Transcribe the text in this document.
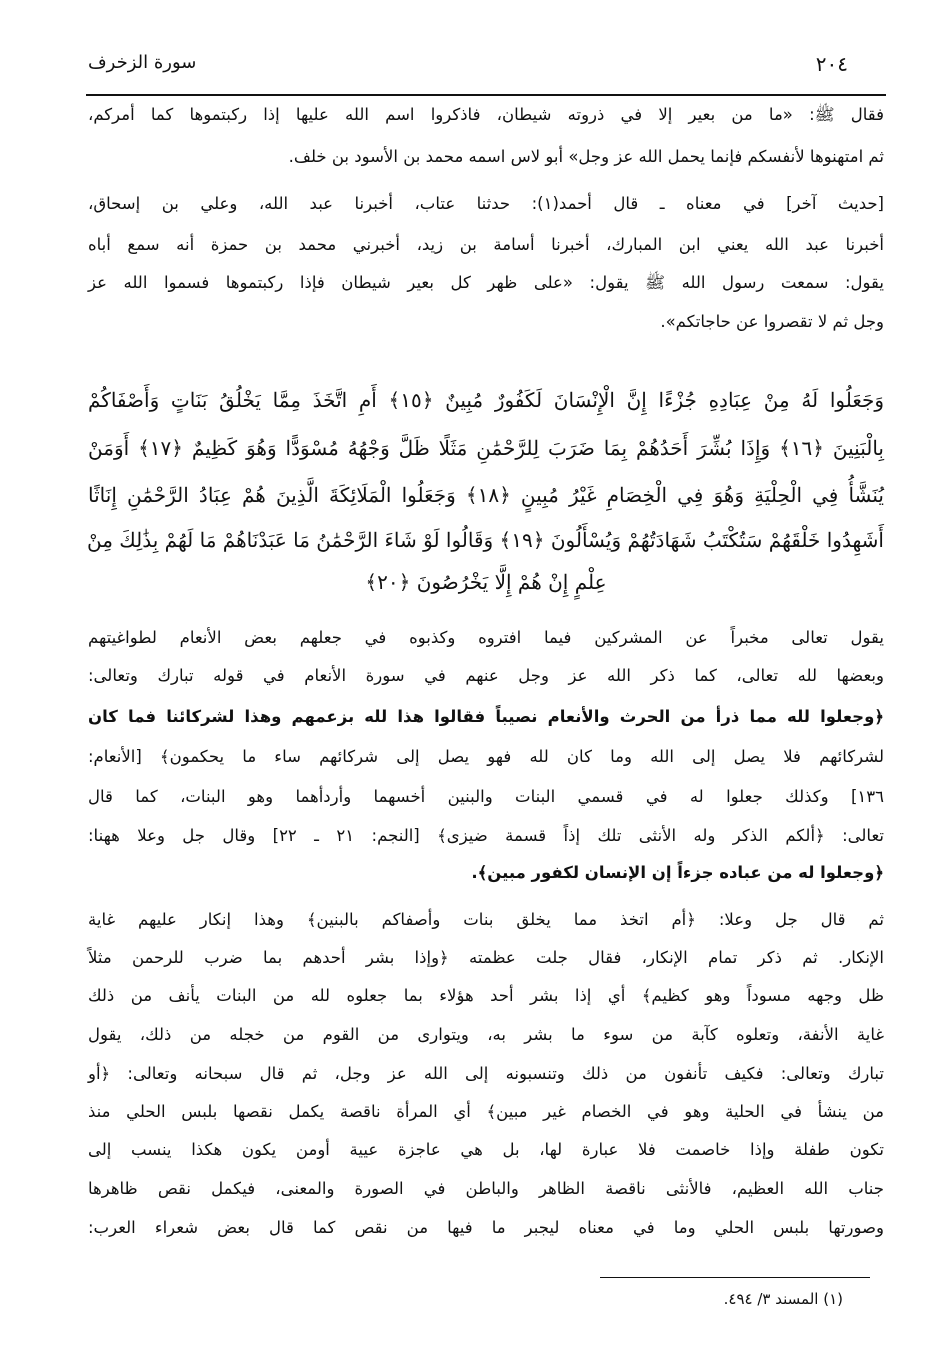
٢٠٤
سورة الزخرف
فقال ﷺ: «ما من بعير إلا في ذروته شيطان، فاذكروا اسم الله عليها إذا ركبتموها كما أمركم،
ثم امتهنوها لأنفسكم فإنما يحمل الله عز وجل» أبو لاس اسمه محمد بن الأسود بن خلف.
[حديث آخر] في معناه ـ قال أحمد(١): حدثنا عتاب، أخبرنا عبد الله، وعلي بن إسحاق،
أخبرنا عبد الله يعني ابن المبارك، أخبرنا أسامة بن زيد، أخبرني محمد بن حمزة أنه سمع أباه
يقول: سمعت رسول الله ﷺ يقول: «على ظهر كل بعير شيطان فإذا ركبتموها فسموا الله عز
وجل ثم لا تقصروا عن حاجاتكم».
وَجَعَلُوا لَهُ مِنْ عِبَادِهِ جُزْءًا إِنَّ الْإِنْسَانَ لَكَفُورٌ مُبِينٌ ﴿١٥﴾ أَمِ اتَّخَذَ مِمَّا يَخْلُقُ بَنَاتٍ وَأَصْفَاكُمْ
بِالْبَنِينَ ﴿١٦﴾ وَإِذَا بُشِّرَ أَحَدُهُمْ بِمَا ضَرَبَ لِلرَّحْمَٰنِ مَثَلًا ظَلَّ وَجْهُهُ مُسْوَدًّا وَهُوَ كَظِيمٌ ﴿١٧﴾ أَوَمَنْ
يُنَشَّأُ فِي الْحِلْيَةِ وَهُوَ فِي الْخِصَامِ غَيْرُ مُبِينٍ ﴿١٨﴾ وَجَعَلُوا الْمَلَائِكَةَ الَّذِينَ هُمْ عِبَادُ الرَّحْمَٰنِ إِنَاثًا
أَشَهِدُوا خَلْقَهُمْ سَتُكْتَبُ شَهَادَتُهُمْ وَيُسْأَلُونَ ﴿١٩﴾ وَقَالُوا لَوْ شَاءَ الرَّحْمَٰنُ مَا عَبَدْنَاهُمْ مَا لَهُمْ بِذَٰلِكَ مِنْ
عِلْمٍ إِنْ هُمْ إِلَّا يَخْرُصُونَ ﴿٢٠﴾
يقول تعالى مخبراً عن المشركين فيما افتروه وكذبوه في جعلهم بعض الأنعام لطواغيتهم
وبعضها لله تعالى، كما ذكر الله عز وجل عنهم في سورة الأنعام في قوله تبارك وتعالى:
﴿وجعلوا لله مما ذرأ من الحرث والأنعام نصيباً فقالوا هذا لله بزعمهم وهذا لشركائنا فما كان
لشركائهم فلا يصل إلى الله وما كان لله فهو يصل إلى شركائهم ساء ما يحكمون﴾ [الأنعام:
١٣٦] وكذلك جعلوا له في قسمي البنات والبنين أخسهما وأردأهما وهو البنات، كما قال
تعالى: ﴿ألكم الذكر وله الأنثى تلك إذاً قسمة ضيزى﴾ [النجم: ٢١ ـ ٢٢] وقال جل وعلا ههنا:
﴿وجعلوا له من عباده جزءاً إن الإنسان لكفور مبين﴾.
ثم قال جل وعلا: ﴿أم اتخذ مما يخلق بنات وأصفاكم بالبنين﴾ وهذا إنكار عليهم غاية
الإنكار. ثم ذكر تمام الإنكار، فقال جلت عظمته ﴿وإذا بشر أحدهم بما ضرب للرحمن مثلاً
ظل وجهه مسوداً وهو كظيم﴾ أي إذا بشر أحد هؤلاء بما جعلوه لله من البنات يأنف من ذلك
غاية الأنفة، وتعلوه كآبة من سوء ما بشر به، ويتوارى من القوم من خجله من ذلك، يقول
تبارك وتعالى: فكيف تأنفون من ذلك وتنسبونه إلى الله عز وجل، ثم قال سبحانه وتعالى: ﴿أو
من ينشأ في الحلية وهو في الخصام غير مبين﴾ أي المرأة ناقصة يكمل نقصها بلبس الحلي منذ
تكون طفلة وإذا خاصمت فلا عبارة لها، بل هي عاجزة عيية أومن يكون هكذا ينسب إلى
جناب الله العظيم، فالأنثى ناقصة الظاهر والباطن في الصورة والمعنى، فيكمل نقص ظاهرها
وصورتها بلبس الحلي وما في معناه ليجبر ما فيها من نقص كما قال بعض شعراء العرب:
(١) المسند ٣/ ٤٩٤.
